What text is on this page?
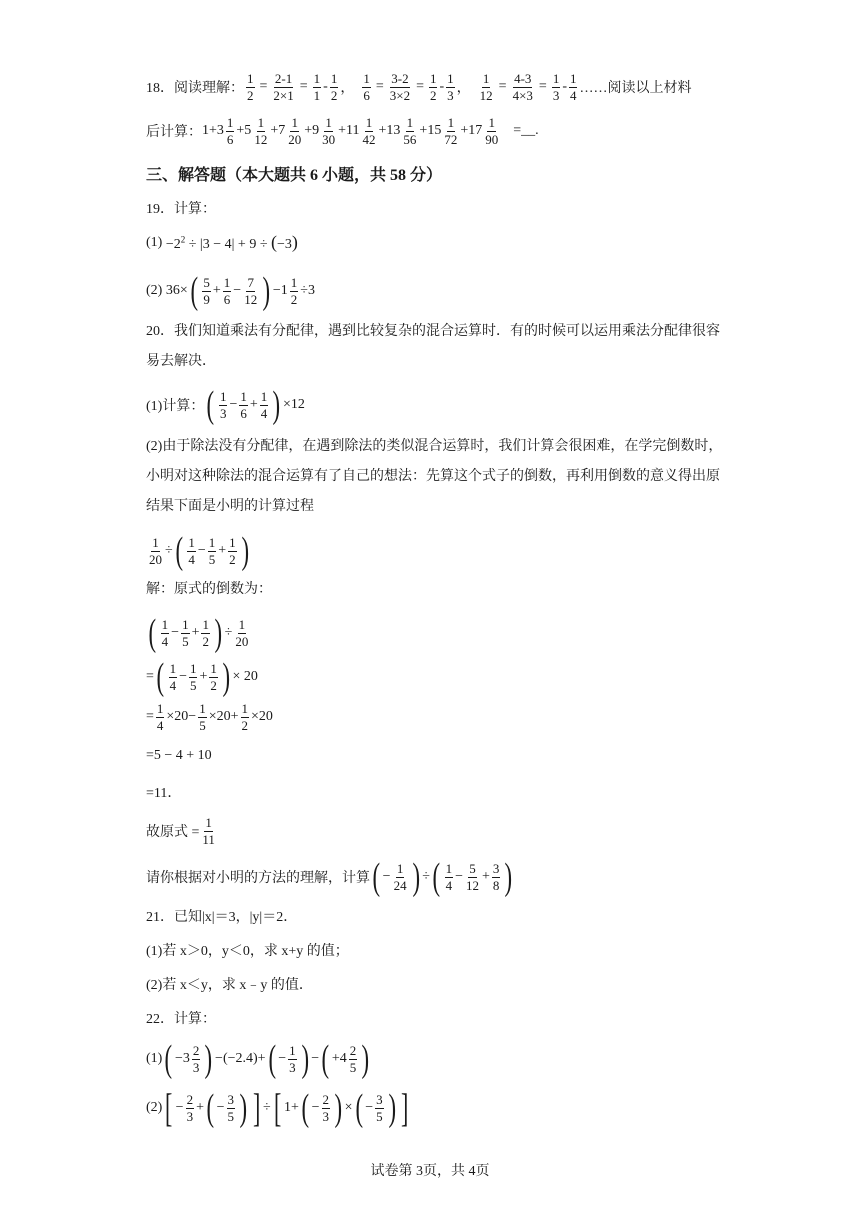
18． 阅读理解： $\frac{1}{2} = \frac{2-1}{2\times 1} = \frac{1}{1} - \frac{1}{2}$ ， $\frac{1}{6} = \frac{3-2}{3\times 2} = \frac{1}{2} - \frac{1}{3}$ ， $\frac{1}{12} = \frac{4-3}{4\times 3} = \frac{1}{3} - \frac{1}{4}$ ……阅读以上材料
后计算： $1+3 \frac{1}{6} +5 \frac{1}{12} +7 \frac{1}{20} +9 \frac{1}{30} +11 \frac{1}{42} +13 \frac{1}{56} +15 \frac{1}{72} +17 \frac{1}{90}$ =__.
三、解答题（本大题共 6 小题，共 58 分）
19．计算：
$(1) -2^2 \div |3 - 4| + 9 \div (-3)$
(2) 36× ( $\frac{5}{9} + \frac{1}{6} - \frac{7}{12}$ ) $-1 \frac{1}{2} \div 3$
20．我们知道乘法有分配律，遇到比较复杂的混合运算时．有的时候可以运用乘法分配律很容易去解决．
(1)计算： ( $\frac{1}{3} - \frac{1}{6} + \frac{1}{4}$ ) ×12
(2)由于除法没有分配律，在遇到除法的类似混合运算时，我们计算会很困难，在学完倒数时，小明对这种除法的混合运算有了自己的想法：先算这个式子的倒数，再利用倒数的意义得出原结果下面是小明的计算过程
$\frac{1}{20}$ ÷ ( $\frac{1}{4} - \frac{1}{5} + \frac{1}{2}$ )
解：原式的倒数为：
( $\frac{1}{4} - \frac{1}{5} + \frac{1}{2}$ ) ÷ $\frac{1}{20}$
= ( $\frac{1}{4} - \frac{1}{5} + \frac{1}{2}$ ) × 20
= $\frac{1}{4} \times 20- \frac{1}{5} \times 20+ \frac{1}{2} \times 20$
=5 − 4 + 10
=11．
故原式 = $\frac{1}{11}$
请你根据对小明的方法的理解，计算 ( − $\frac{1}{24}$ ) ÷ ( $\frac{1}{4} - \frac{5}{12} + \frac{3}{8}$ )
21．已知|x|＝3，|y|＝2．
(1)若 x＞0，y＜0，求 x+y 的值；
(2)若 x＜y，求 x﹣y 的值．
22．计算：
(1) ( $-3 \frac{2}{3}$ ) −(−2.4)+ ( − $\frac{1}{3}$ ) − ( $+4 \frac{2}{5}$ )
(2) [ − $\frac{2}{3}$ + ( − $\frac{3}{5}$ ) ] ÷ [ 1+ ( − $\frac{2}{3}$ ) × ( − $\frac{3}{5}$ ) ]
试卷第 3页，共 4页
